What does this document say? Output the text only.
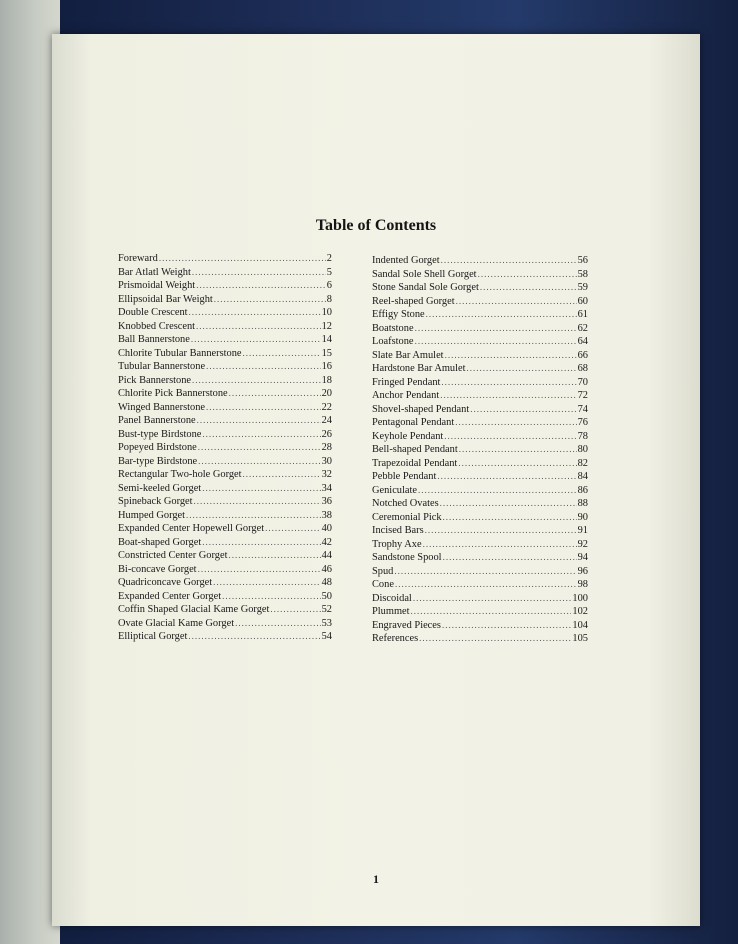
Table of Contents
Foreward .....	2
Bar Atlatl Weight .....	5
Prismoidal Weight .....	6
Ellipsoidal Bar Weight .....	8
Double Crescent .....	10
Knobbed Crescent .....	12
Ball Bannerstone .....	14
Chlorite Tubular Bannerstone .....	15
Tubular Bannerstone .....	16
Pick Bannerstone .....	18
Chlorite Pick Bannerstone .....	20
Winged Bannerstone .....	22
Panel Bannerstone .....	24
Bust-type Birdstone .....	26
Popeyed Birdstone .....	28
Bar-type Birdstone .....	30
Rectangular Two-hole Gorget .....	32
Semi-keeled Gorget .....	34
Spineback Gorget .....	36
Humped Gorget .....	38
Expanded Center Hopewell Gorget .....	40
Boat-shaped Gorget .....	42
Constricted Center Gorget .....	44
Bi-concave Gorget .....	46
Quadriconcave Gorget .....	48
Expanded Center Gorget .....	50
Coffin Shaped Glacial Kame Gorget .....	52
Ovate Glacial Kame Gorget .....	53
Elliptical Gorget .....	54
Indented Gorget .....	56
Sandal Sole Shell Gorget .....	58
Stone Sandal Sole Gorget .....	59
Reel-shaped Gorget .....	60
Effigy Stone .....	61
Boatstone .....	62
Loafstone .....	64
Slate Bar Amulet .....	66
Hardstone Bar Amulet .....	68
Fringed Pendant .....	70
Anchor Pendant .....	72
Shovel-shaped Pendant .....	74
Pentagonal Pendant .....	76
Keyhole Pendant .....	78
Bell-shaped Pendant .....	80
Trapezoidal Pendant .....	82
Pebble Pendant .....	84
Geniculate .....	86
Notched Ovates .....	88
Ceremonial Pick .....	90
Incised Bars .....	91
Trophy Axe .....	92
Sandstone Spool .....	94
Spud .....	96
Cone .....	98
Discoidal .....	100
Plummet .....	102
Engraved Pieces .....	104
References .....	105
1
